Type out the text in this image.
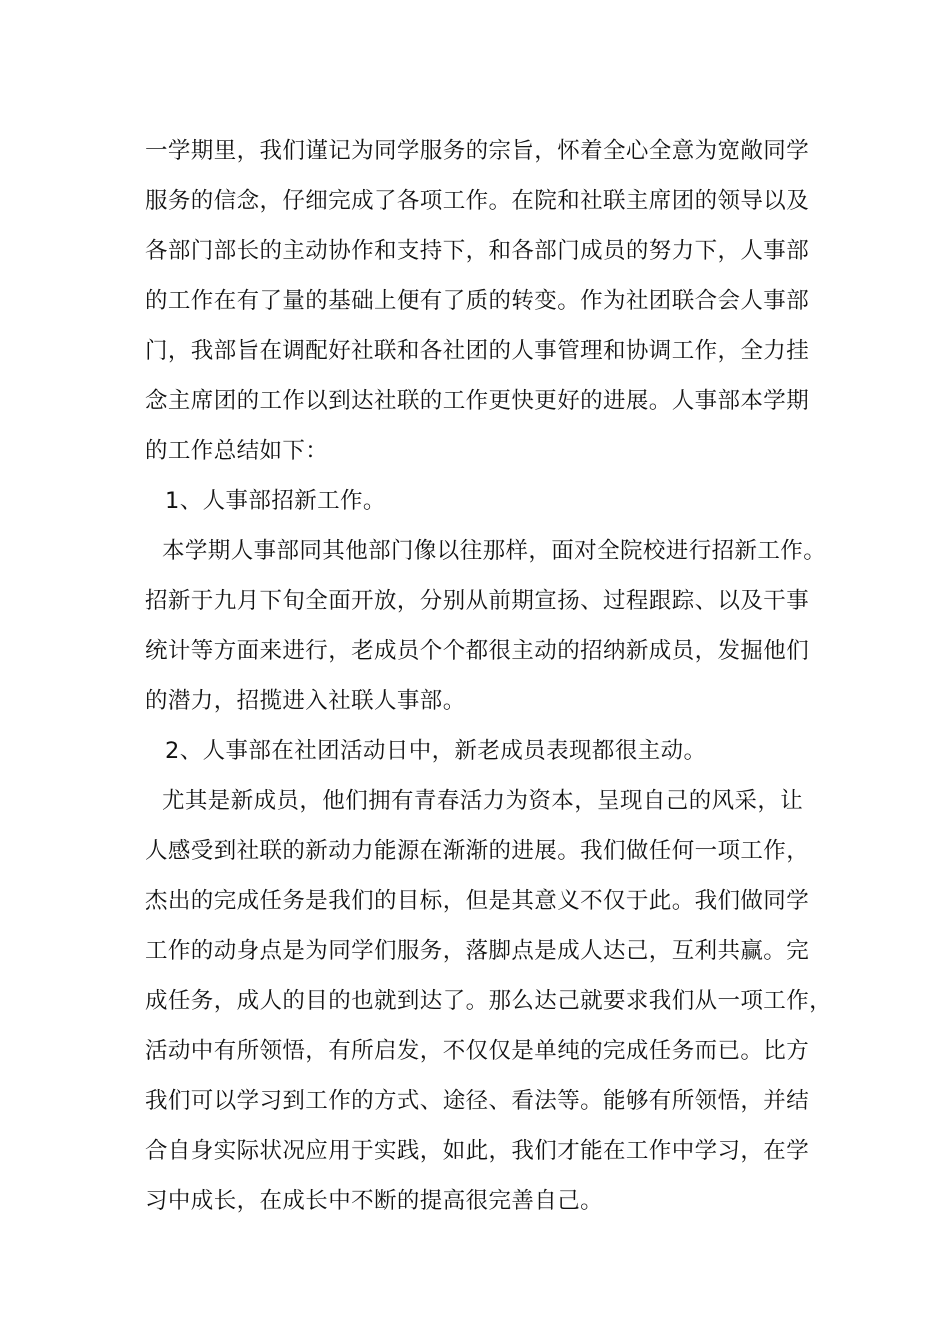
一学期里，我们谨记为同学服务的宗旨，怀着全心全意为宽敞同学
服务的信念，仔细完成了各项工作。在院和社联主席团的领导以及
各部门部长的主动协作和支持下，和各部门成员的努力下，人事部
的工作在有了量的基础上便有了质的转变。作为社团联合会人事部
门，我部旨在调配好社联和各社团的人事管理和协调工作，全力挂
念主席团的工作以到达社联的工作更快更好的进展。人事部本学期
的工作总结如下：
1、人事部招新工作。
本学期人事部同其他部门像以往那样，面对全院校进行招新工作。
招新于九月下旬全面开放，分别从前期宣扬、过程跟踪、以及干事
统计等方面来进行，老成员个个都很主动的招纳新成员，发掘他们
的潜力，招揽进入社联人事部。
2、人事部在社团活动日中，新老成员表现都很主动。
尤其是新成员，他们拥有青春活力为资本，呈现自己的风采，让
人感受到社联的新动力能源在渐渐的进展。我们做任何一项工作，
杰出的完成任务是我们的目标，但是其意义不仅于此。我们做同学
工作的动身点是为同学们服务，落脚点是成人达己，互利共赢。完
成任务，成人的目的也就到达了。那么达己就要求我们从一项工作，
活动中有所领悟，有所启发，不仅仅是单纯的完成任务而已。比方
我们可以学习到工作的方式、途径、看法等。能够有所领悟，并结
合自身实际状况应用于实践，如此，我们才能在工作中学习，在学
习中成长，在成长中不断的提高很完善自己。
